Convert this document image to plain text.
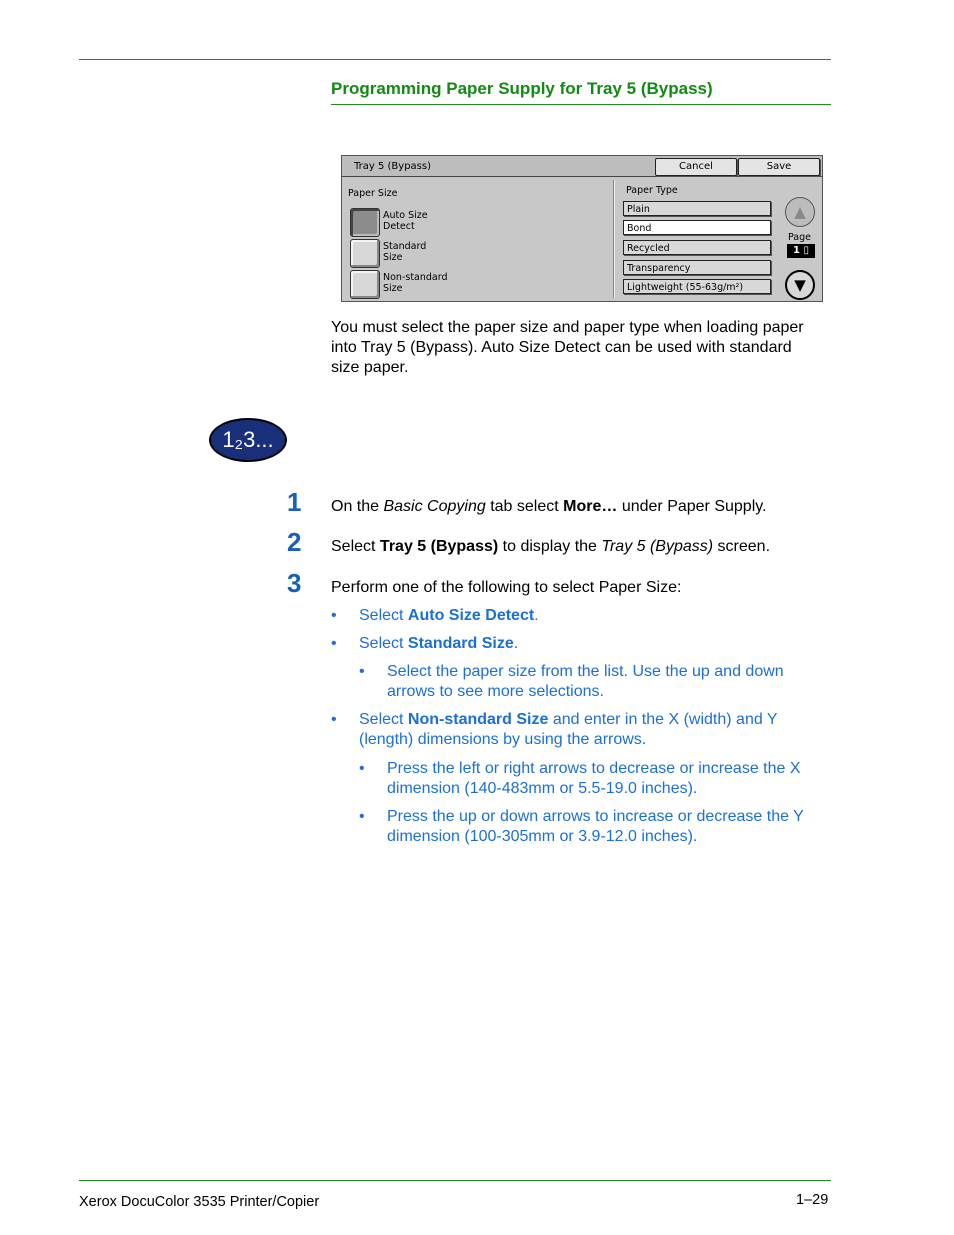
Programming Paper Supply for Tray 5 (Bypass)
Tray 5 (Bypass)	Cancel	Save
Paper Size
Auto Size
Detect
Standard
Size
Non-standard
Size
Paper Type
Plain
Bond
Recycled
Transparency
Lightweight (55-63g/m²)
▲
Page
1 ▯
▼
You must select the paper size and paper type when loading paper into Tray 5 (Bypass). Auto Size Detect can be used with standard size paper.
1₂3...
1 On the Basic Copying tab select More… under Paper Supply.
2 Select Tray 5 (Bypass) to display the Tray 5 (Bypass) screen.
3 Perform one of the following to select Paper Size:
• Select Auto Size Detect.
• Select Standard Size.
• Select the paper size from the list. Use the up and down arrows to see more selections.
• Select Non-standard Size and enter in the X (width) and Y (length) dimensions by using the arrows.
• Press the left or right arrows to decrease or increase the X dimension (140-483mm or 5.5-19.0 inches).
• Press the up or down arrows to increase or decrease the Y dimension (100-305mm or 3.9-12.0 inches).
Xerox DocuColor 3535 Printer/Copier	1–29
